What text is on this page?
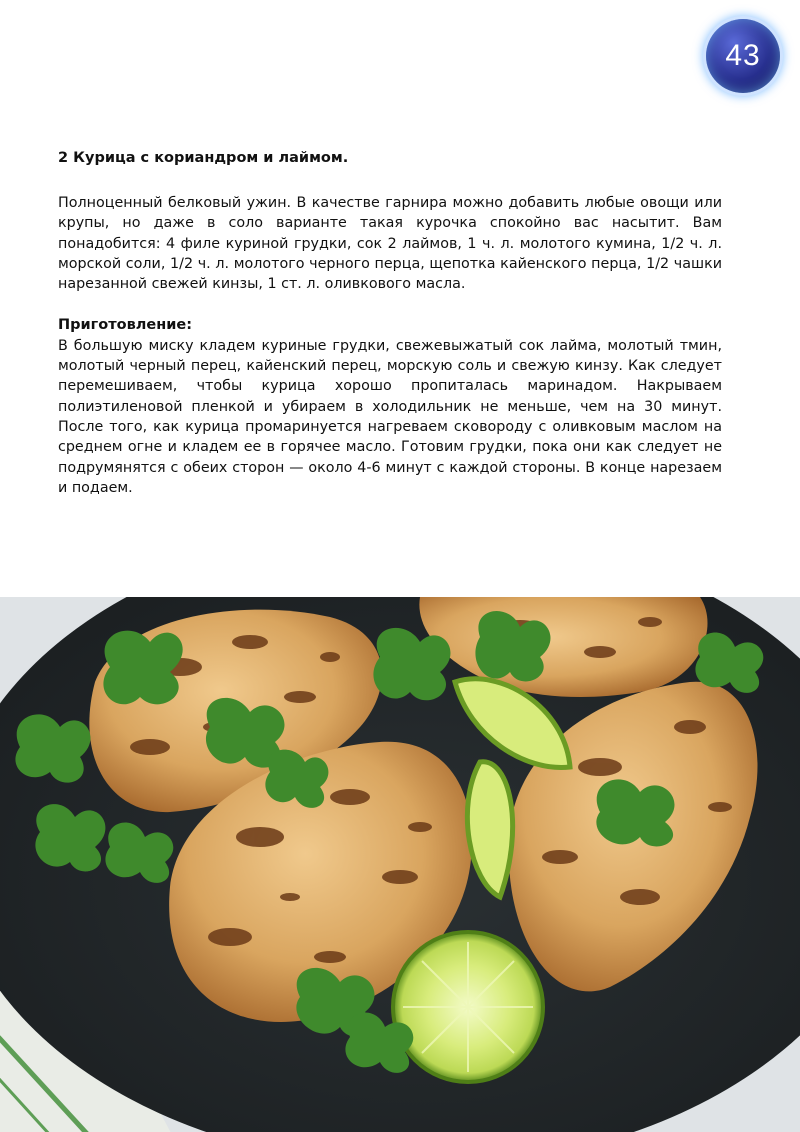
43

2 Курица с кориандром и лаймом.

Полноценный белковый ужин. В качестве гарнира можно добавить любые овощи или крупы, но даже в соло варианте такая курочка спокойно вас насытит. Вам понадобится: 4 филе куриной грудки, сок 2 лаймов, 1 ч. л. молотого кумина, 1/2 ч. л. морской соли, 1/2 ч. л. молотого черного перца, щепотка кайенского перца, 1/2 чашки нарезанной свежей кинзы, 1 ст. л. оливкового масла.

Приготовление:

В большую миску кладем куриные грудки, свежевыжатый сок лайма, молотый тмин, молотый черный перец, кайенский перец, морскую соль и свежую кинзу. Как следует перемешиваем, чтобы курица хорошо пропиталась маринадом. Накрываем полиэтиленовой пленкой и убираем в холодильник не меньше, чем на 30 минут. После того, как курица промаринуется нагреваем сковороду с оливковым маслом на среднем огне и кладем ее в горячее масло. Готовим грудки, пока они как следует не подрумянятся с обеих сторон — около 4-6 минут с каждой стороны. В конце нарезаем и подаем.
